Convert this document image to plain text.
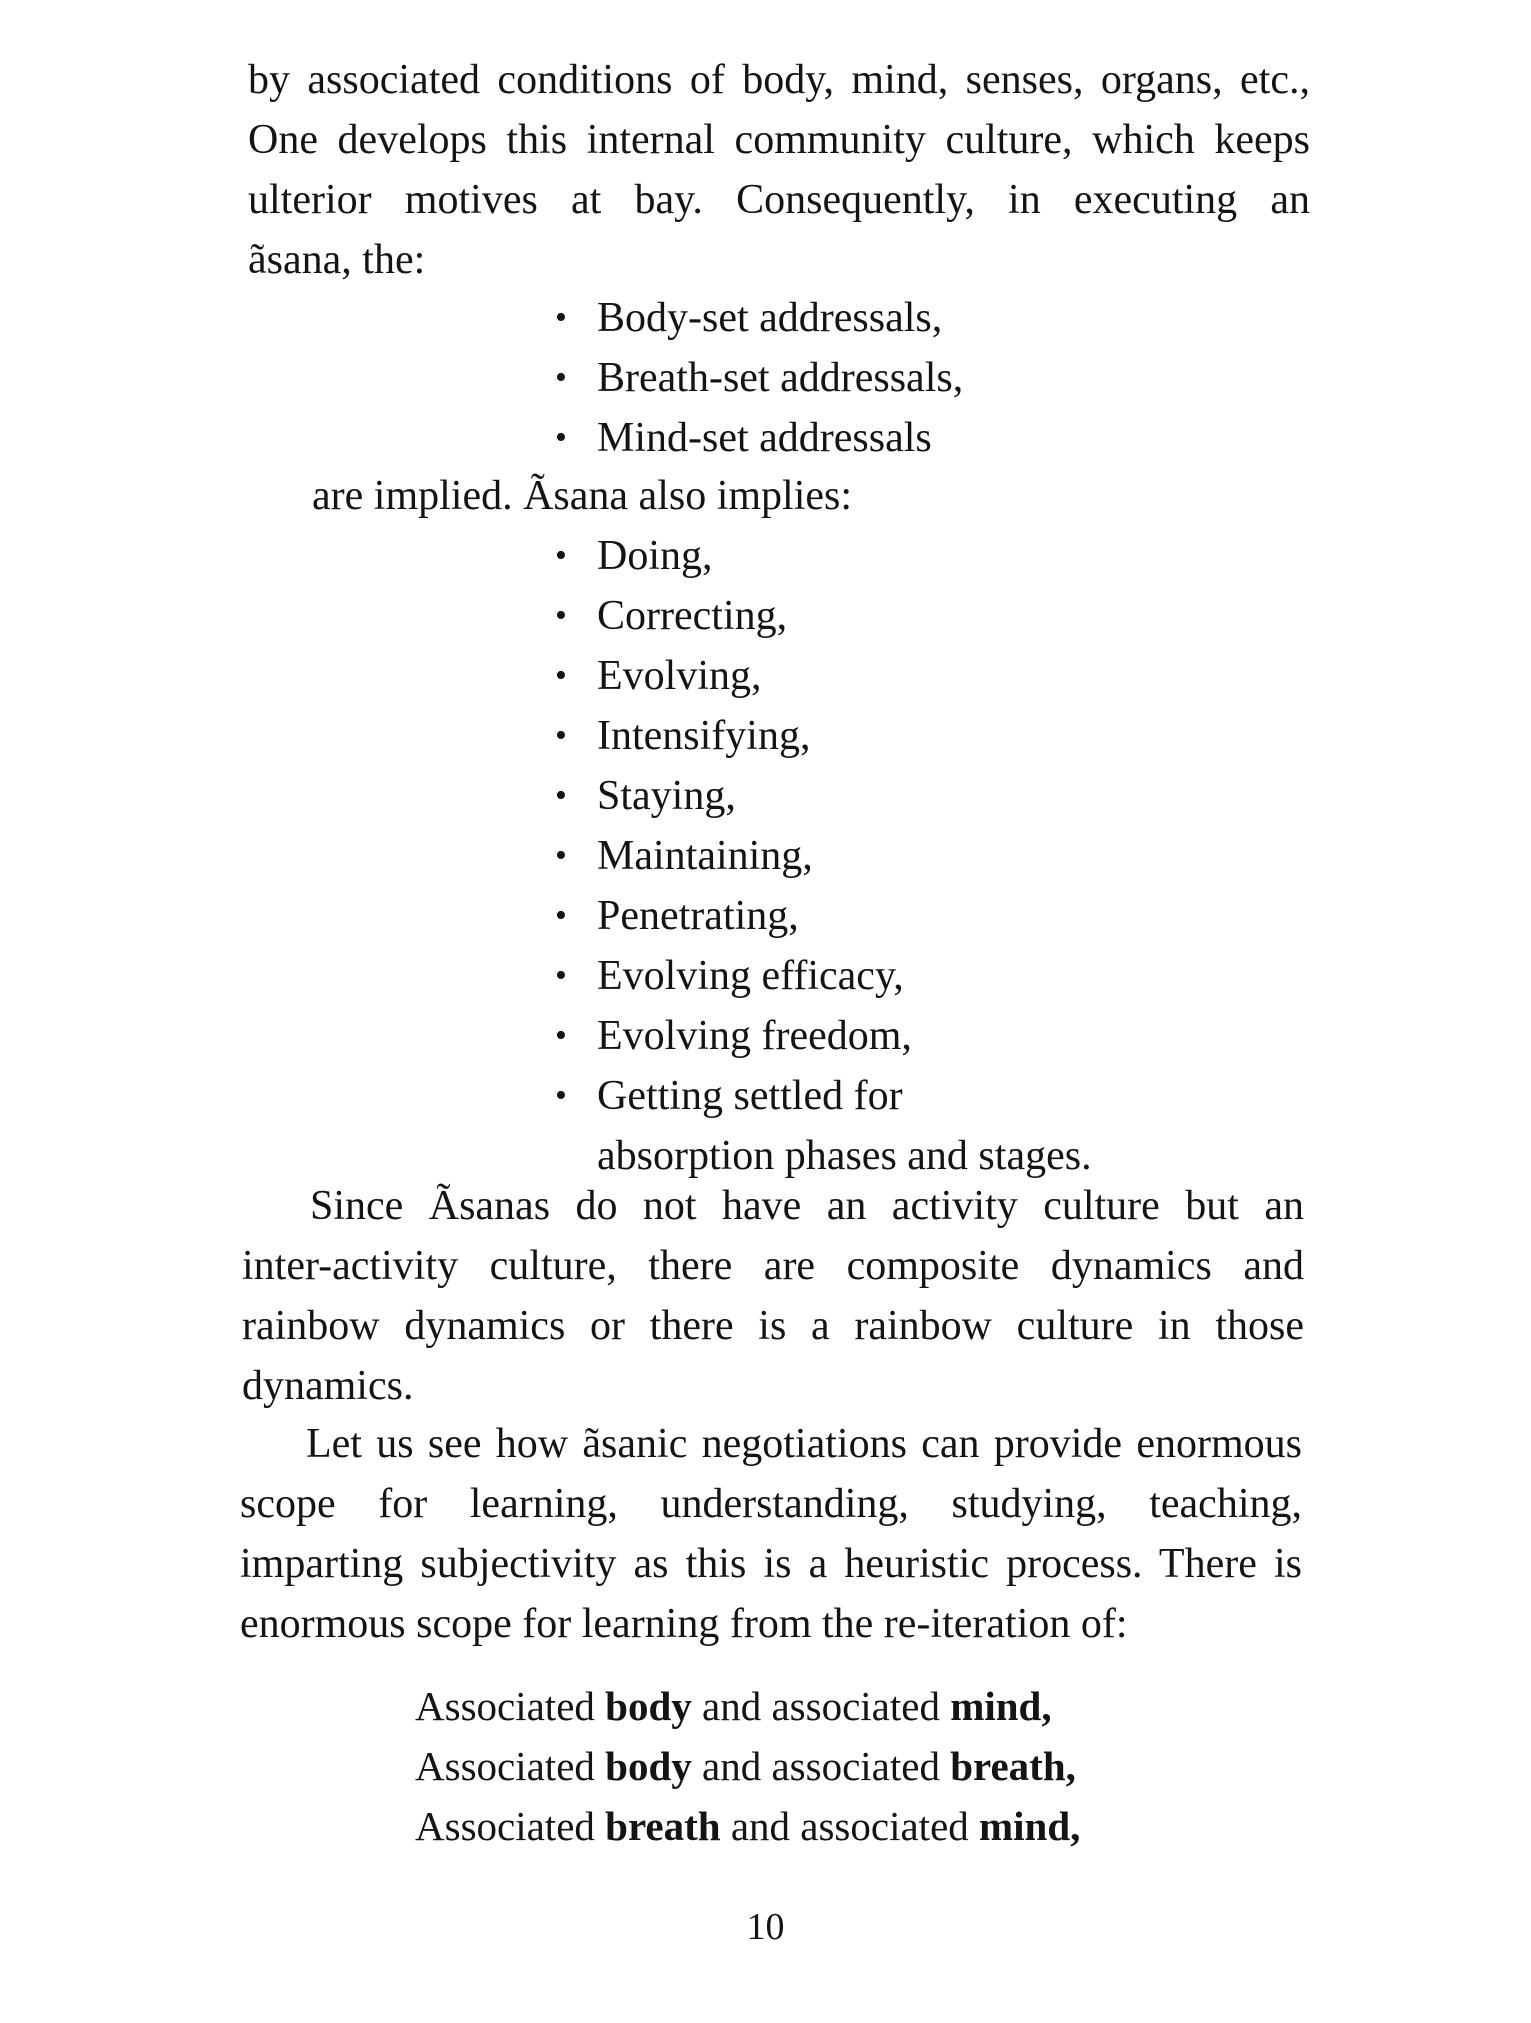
by associated conditions of body, mind, senses, organs, etc.,
One develops this internal community culture, which keeps
ulterior motives at bay. Consequently, in executing an
ãsana, the:
• Body-set addressals,
• Breath-set addressals,
• Mind-set addressals
are implied. Ãsana also implies:
• Doing,
• Correcting,
• Evolving,
• Intensifying,
• Staying,
• Maintaining,
• Penetrating,
• Evolving efficacy,
• Evolving freedom,
• Getting settled for
absorption phases and stages.
Since Ãsanas do not have an activity culture but an
inter-activity culture, there are composite dynamics and
rainbow dynamics or there is a rainbow culture in those
dynamics.
Let us see how ãsanic negotiations can provide enormous
scope for learning, understanding, studying, teaching,
imparting subjectivity as this is a heuristic process. There is
enormous scope for learning from the re-iteration of:
Associated body and associated mind,
Associated body and associated breath,
Associated breath and associated mind,
10
